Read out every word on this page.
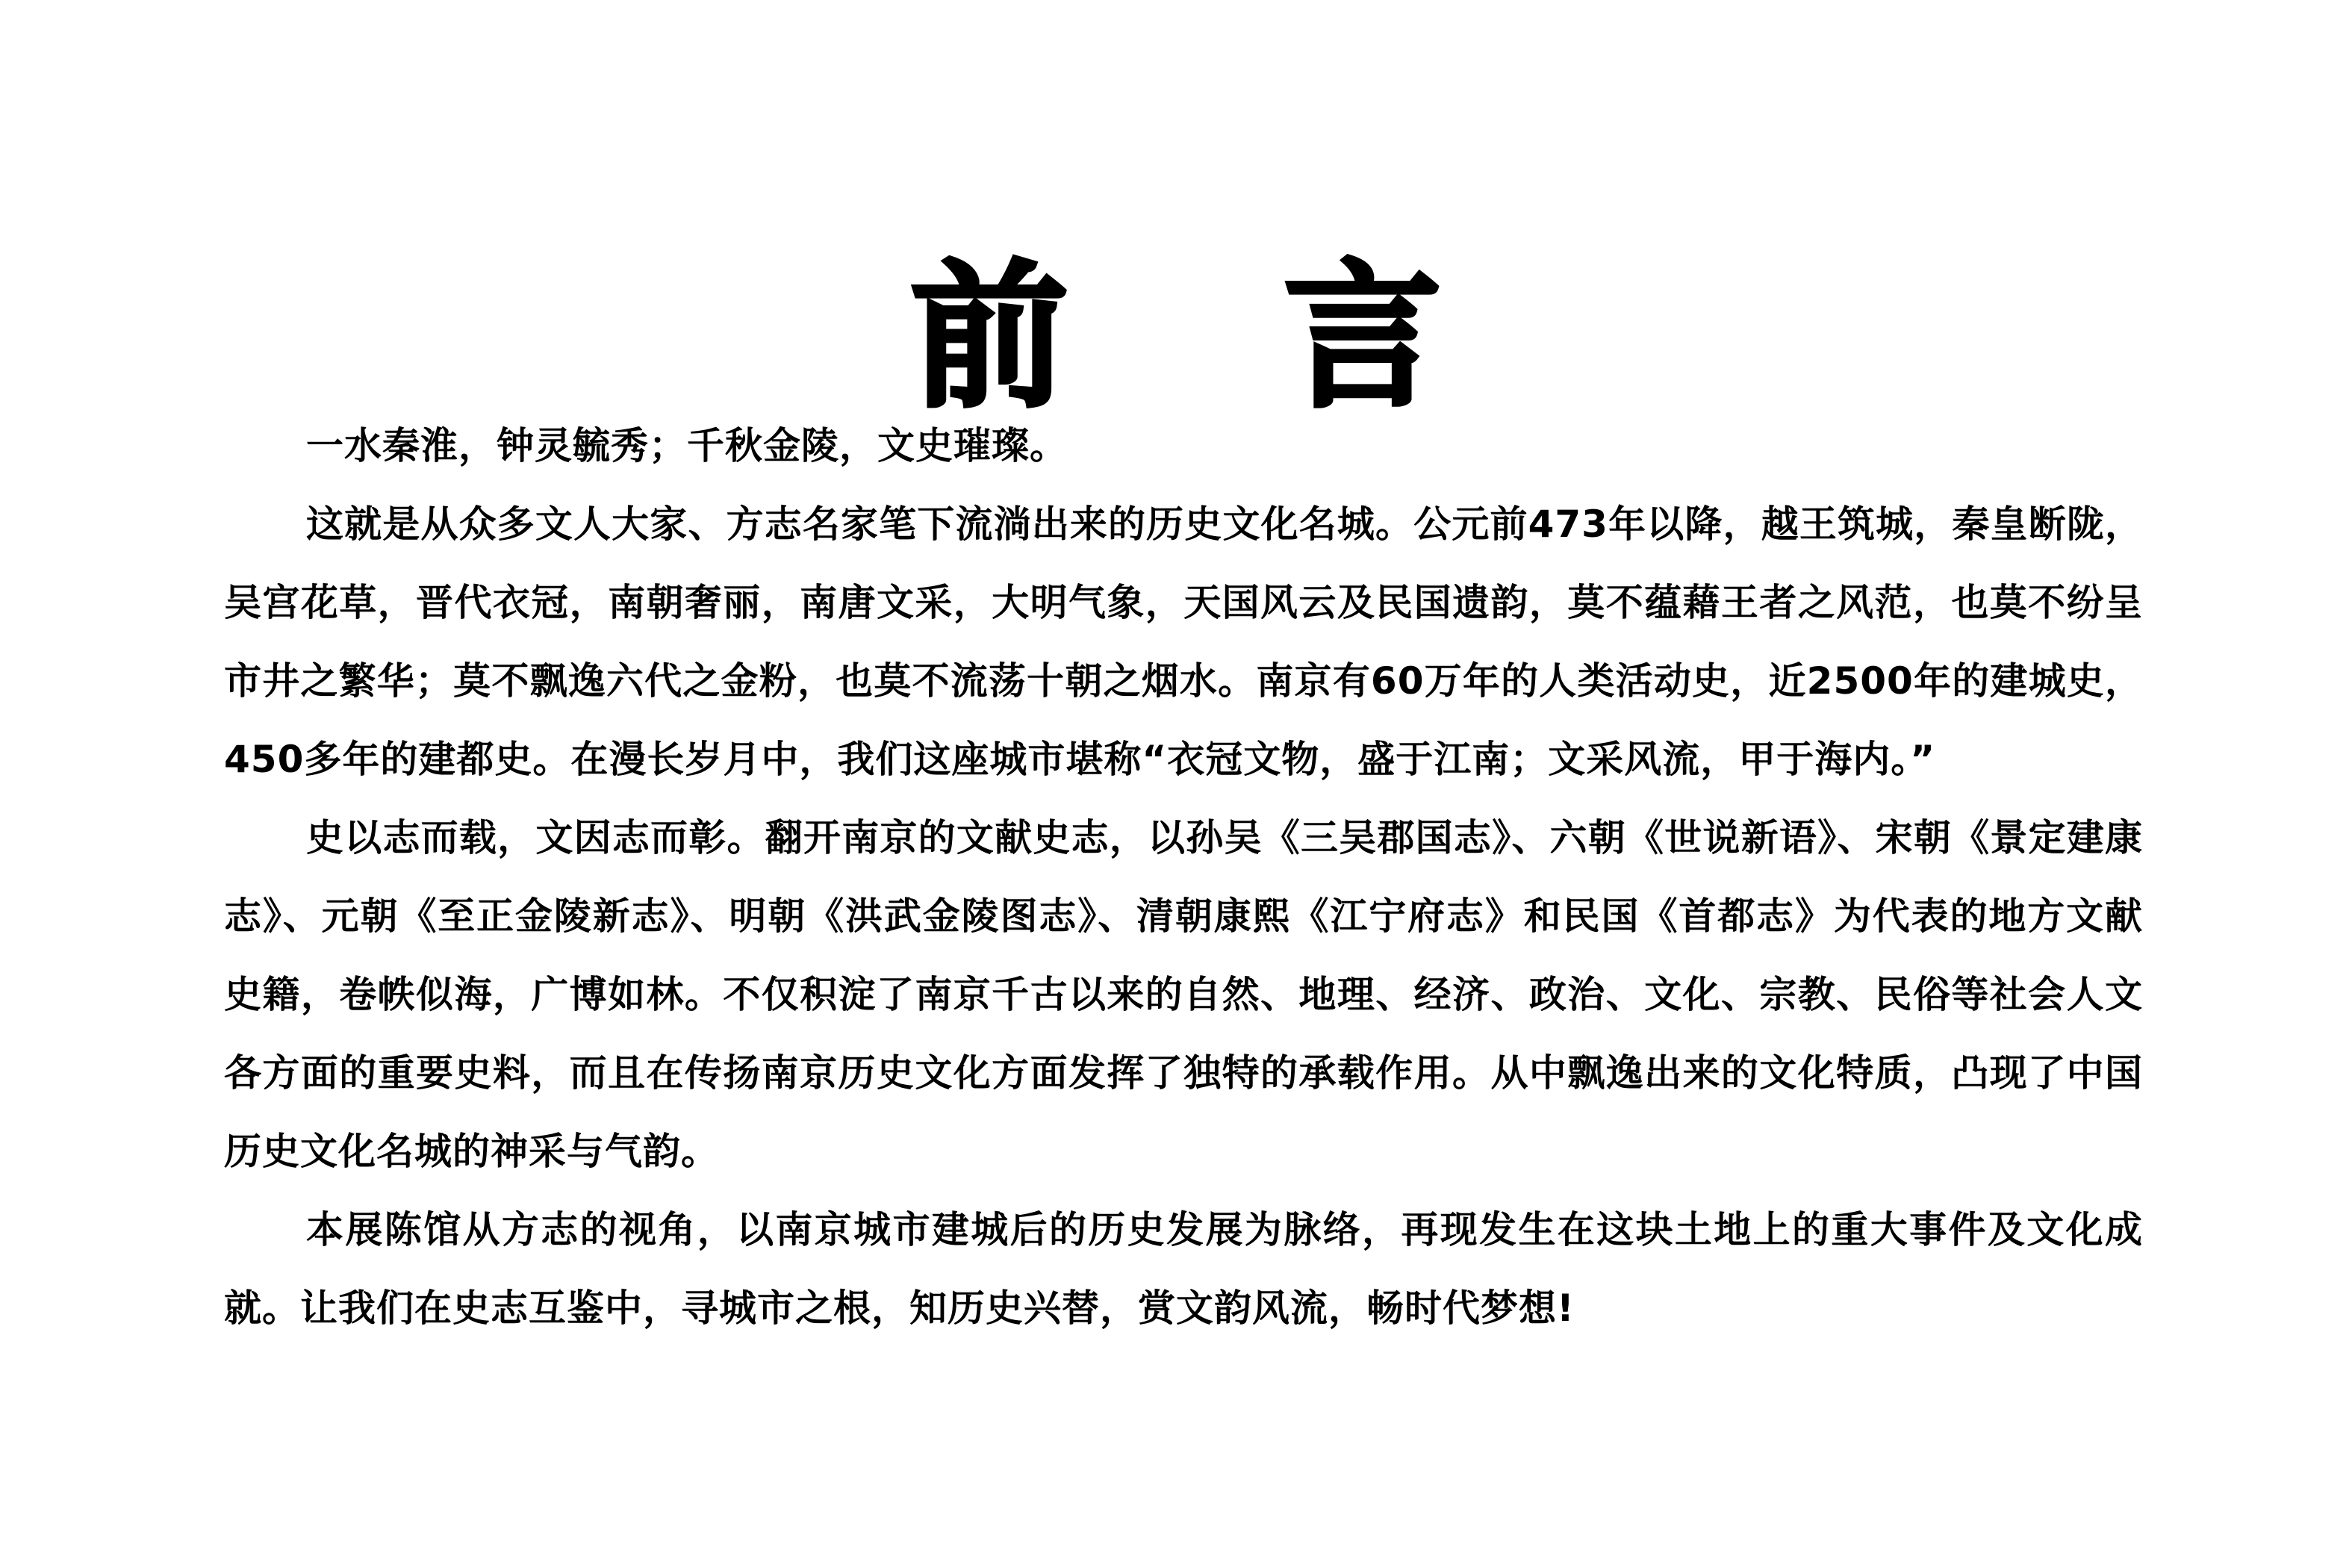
前 言

一水秦淮，钟灵毓秀；千秋金陵，文史璀璨。

这就是从众多文人大家、方志名家笔下流淌出来的历史文化名城。公元前473年以降，越王筑城，秦皇断陇，吴宫花草，晋代衣冠，南朝奢丽，南唐文采，大明气象，天国风云及民国遗韵，莫不蕴藉王者之风范，也莫不纷呈市井之繁华；莫不飘逸六代之金粉，也莫不流荡十朝之烟水。南京有60万年的人类活动史，近2500年的建城史，450多年的建都史。在漫长岁月中，我们这座城市堪称“衣冠文物，盛于江南；文采风流，甲于海内。”

史以志而载，文因志而彰。翻开南京的文献史志，以孙吴《三吴郡国志》、六朝《世说新语》、宋朝《景定建康志》、元朝《至正金陵新志》、明朝《洪武金陵图志》、清朝康熙《江宁府志》和民国《首都志》为代表的地方文献史籍，卷帙似海，广博如林。不仅积淀了南京千古以来的自然、地理、经济、政治、文化、宗教、民俗等社会人文各方面的重要史料，而且在传扬南京历史文化方面发挥了独特的承载作用。从中飘逸出来的文化特质，凸现了中国历史文化名城的神采与气韵。

本展陈馆从方志的视角，以南京城市建城后的历史发展为脉络，再现发生在这块土地上的重大事件及文化成就。让我们在史志互鉴中，寻城市之根，知历史兴替，赏文韵风流，畅时代梦想!
